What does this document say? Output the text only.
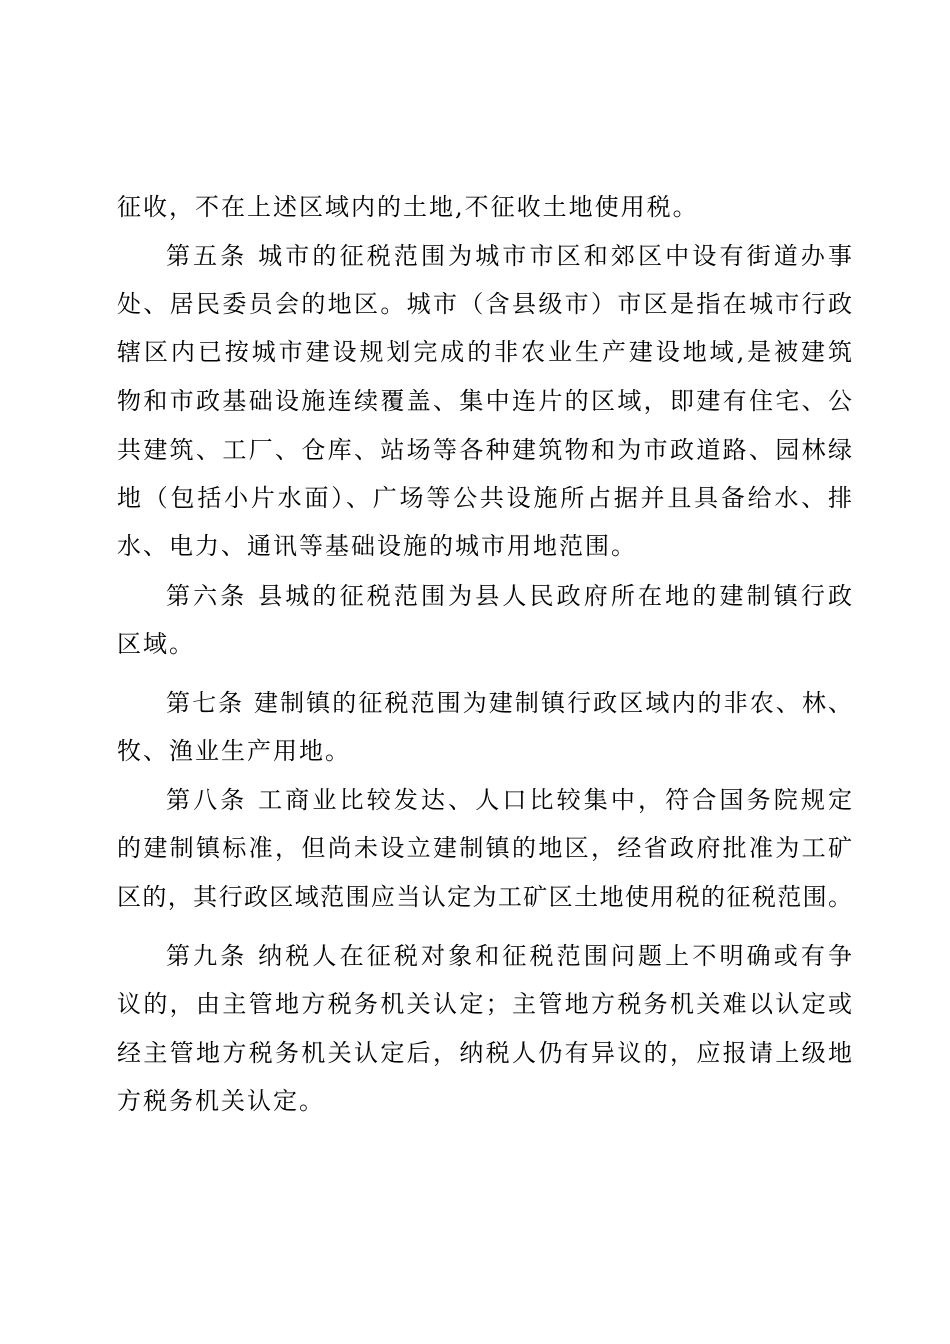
征收，不在上述区域内的土地,不征收土地使用税。
第五条 城市的征税范围为城市市区和郊区中设有街道办事
处、居民委员会的地区。城市（含县级市）市区是指在城市行政
辖区内已按城市建设规划完成的非农业生产建设地域,是被建筑
物和市政基础设施连续覆盖、集中连片的区域，即建有住宅、公
共建筑、工厂、仓库、站场等各种建筑物和为市政道路、园林绿
地（包括小片水面）、广场等公共设施所占据并且具备给水、排
水、电力、通讯等基础设施的城市用地范围。
第六条 县城的征税范围为县人民政府所在地的建制镇行政
区域。
第七条 建制镇的征税范围为建制镇行政区域内的非农、林、
牧、渔业生产用地。
第八条 工商业比较发达、人口比较集中，符合国务院规定
的建制镇标准，但尚未设立建制镇的地区，经省政府批准为工矿
区的，其行政区域范围应当认定为工矿区土地使用税的征税范围。
第九条 纳税人在征税对象和征税范围问题上不明确或有争
议的，由主管地方税务机关认定；主管地方税务机关难以认定或
经主管地方税务机关认定后，纳税人仍有异议的，应报请上级地
方税务机关认定。
